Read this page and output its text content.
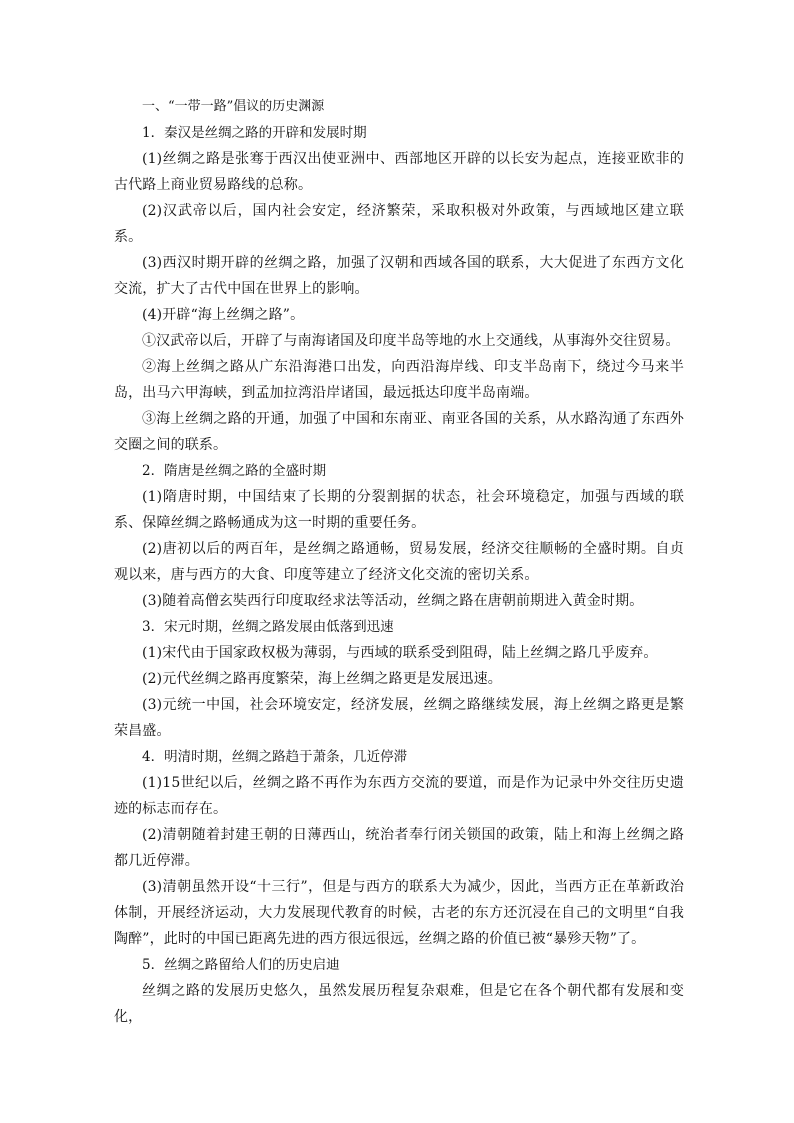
一、“一带一路”倡议的历史渊源

1．秦汉是丝绸之路的开辟和发展时期

(1)丝绸之路是张骞于西汉出使亚洲中、西部地区开辟的以长安为起点，连接亚欧非的古代路上商业贸易路线的总称。

(2)汉武帝以后，国内社会安定，经济繁荣，采取积极对外政策，与西域地区建立联系。

(3)西汉时期开辟的丝绸之路，加强了汉朝和西域各国的联系，大大促进了东西方文化交流，扩大了古代中国在世界上的影响。

(4)开辟“海上丝绸之路”。

①汉武帝以后，开辟了与南海诸国及印度半岛等地的水上交通线，从事海外交往贸易。

②海上丝绸之路从广东沿海港口出发，向西沿海岸线、印支半岛南下，绕过今马来半岛，出马六甲海峡，到孟加拉湾沿岸诸国，最远抵达印度半岛南端。

③海上丝绸之路的开通，加强了中国和东南亚、南亚各国的关系，从水路沟通了东西外交圈之间的联系。

2．隋唐是丝绸之路的全盛时期

(1)隋唐时期，中国结束了长期的分裂割据的状态，社会环境稳定，加强与西域的联系、保障丝绸之路畅通成为这一时期的重要任务。

(2)唐初以后的两百年，是丝绸之路通畅，贸易发展，经济交往顺畅的全盛时期。自贞观以来，唐与西方的大食、印度等建立了经济文化交流的密切关系。

(3)随着高僧玄奘西行印度取经求法等活动，丝绸之路在唐朝前期进入黄金时期。

3．宋元时期，丝绸之路发展由低落到迅速

(1)宋代由于国家政权极为薄弱，与西域的联系受到阻碍，陆上丝绸之路几乎废弃。

(2)元代丝绸之路再度繁荣，海上丝绸之路更是发展迅速。

(3)元统一中国，社会环境安定，经济发展，丝绸之路继续发展，海上丝绸之路更是繁荣昌盛。

4．明清时期，丝绸之路趋于萧条，几近停滞

(1)15世纪以后，丝绸之路不再作为东西方交流的要道，而是作为记录中外交往历史遗迹的标志而存在。

(2)清朝随着封建王朝的日薄西山，统治者奉行闭关锁国的政策，陆上和海上丝绸之路都几近停滞。

(3)清朝虽然开设“十三行”，但是与西方的联系大为减少，因此，当西方正在革新政治体制，开展经济运动，大力发展现代教育的时候，古老的东方还沉浸在自己的文明里“自我陶醉”，此时的中国已距离先进的西方很远很远，丝绸之路的价值已被“暴殄天物”了。

5．丝绸之路留给人们的历史启迪

丝绸之路的发展历史悠久，虽然发展历程复杂艰难，但是它在各个朝代都有发展和变化，
